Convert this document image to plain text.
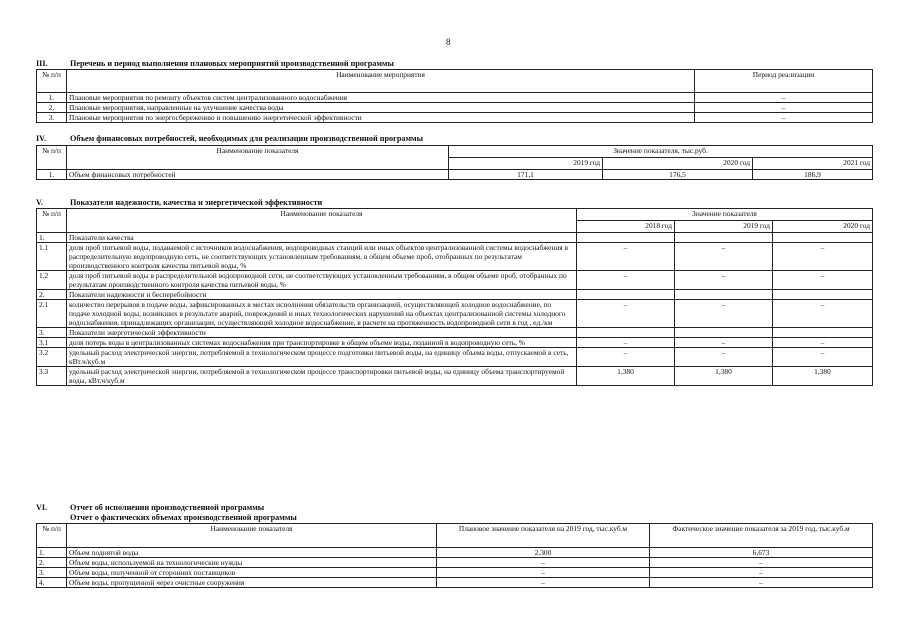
8
III.	Перечень и период выполнения плановых мероприятий производственной программы
№ п/п	Наименование мероприятия	Период реализации
1.	Плановые мероприятия по ремонту объектов систем централизованного водоснабжения	–
2.	Плановые мероприятия, направленные на улучшение качества воды	–
3.	Плановые мероприятия по энергосбережению и повышению энергетической эффективности	–
IV.	Объем финансовых потребностей, необходимых для реализации производственной программы
№ п/п	Наименование показателя	Значение показателя, тыс.руб.		
		2019 год	2020 год	2021 год
1.	Объем финансовых потребностей	171,1	176,5	186,9
V.	Показатели надежности, качества и энергетической эффективности
№ п/п	Наименование показателя	Значение показателя		
		2018 год	2019 год	2020 год
1.	Показатели качества			
1.1	доля проб питьевой воды, подаваемой с источников водоснабжения, водопроводных станций или иных объектов централизованной системы водоснабжения в распределительную водопроводную сеть, не соответствующих установленным требованиям, в общем объеме проб, отобранных по результатам производственного контроля качества питьевой воды, %	–	–	–
1.2	доля проб питьевой воды в распределительной водопроводной сети, не соответствующих установленным требованиям, в общем объеме проб, отобранных по результатам производственного контроля качества питьевой воды, %	–	–	–
2.	Показатели надежности и бесперебойности			
2.1	количество перерывов в подаче воды, зафиксированных в местах исполнения обязательств организацией, осуществляющей холодное водоснабжение, по подаче холодной воды, возникших в результате аварий, повреждений и иных технологических нарушений на объектах централизованной системы холодного водоснабжения, принадлежащих организации, осуществляющей холодное водоснабжение, в расчете на протяженность водопроводной сети в год , ед./км	–	–	–
3.	Показатели энергетической эффективности			
3.1	доля потерь воды в централизованных системах водоснабжения при транспортировке в общем объеме воды, поданной в водопроводную сеть, %	–	–	–
3.2	удельный расход электрической энергии, потребляемой в технологическом процессе подготовки питьевой воды, на единицу объема воды, отпускаемой в сеть, кВт.ч/куб.м	–	–	–
3.3	удельный расход электрической энергии, потребляемой в технологическом процессе транспортировки питьевой воды, на единицу объема транспортируемой воды, кВт.ч/куб.м	1,380	1,380	1,380
VI.	Отчет об исполнении производственной программы
Отчет о фактических объемах производственной программы
№ п/п	Наименование показателя	Плановое значение показателя на 2019 год, тыс.куб.м	Фактическое значение показателя за 2019 год, тыс.куб.м
1.	Объем поднятой воды	2,300	6,673
2.	Объем воды, используемой на технологические нужды	–	–
3.	Объем воды, полученной от сторонних поставщиков	–	–
4.	Объем воды, пропущенной через очистные сооружения	–	–
